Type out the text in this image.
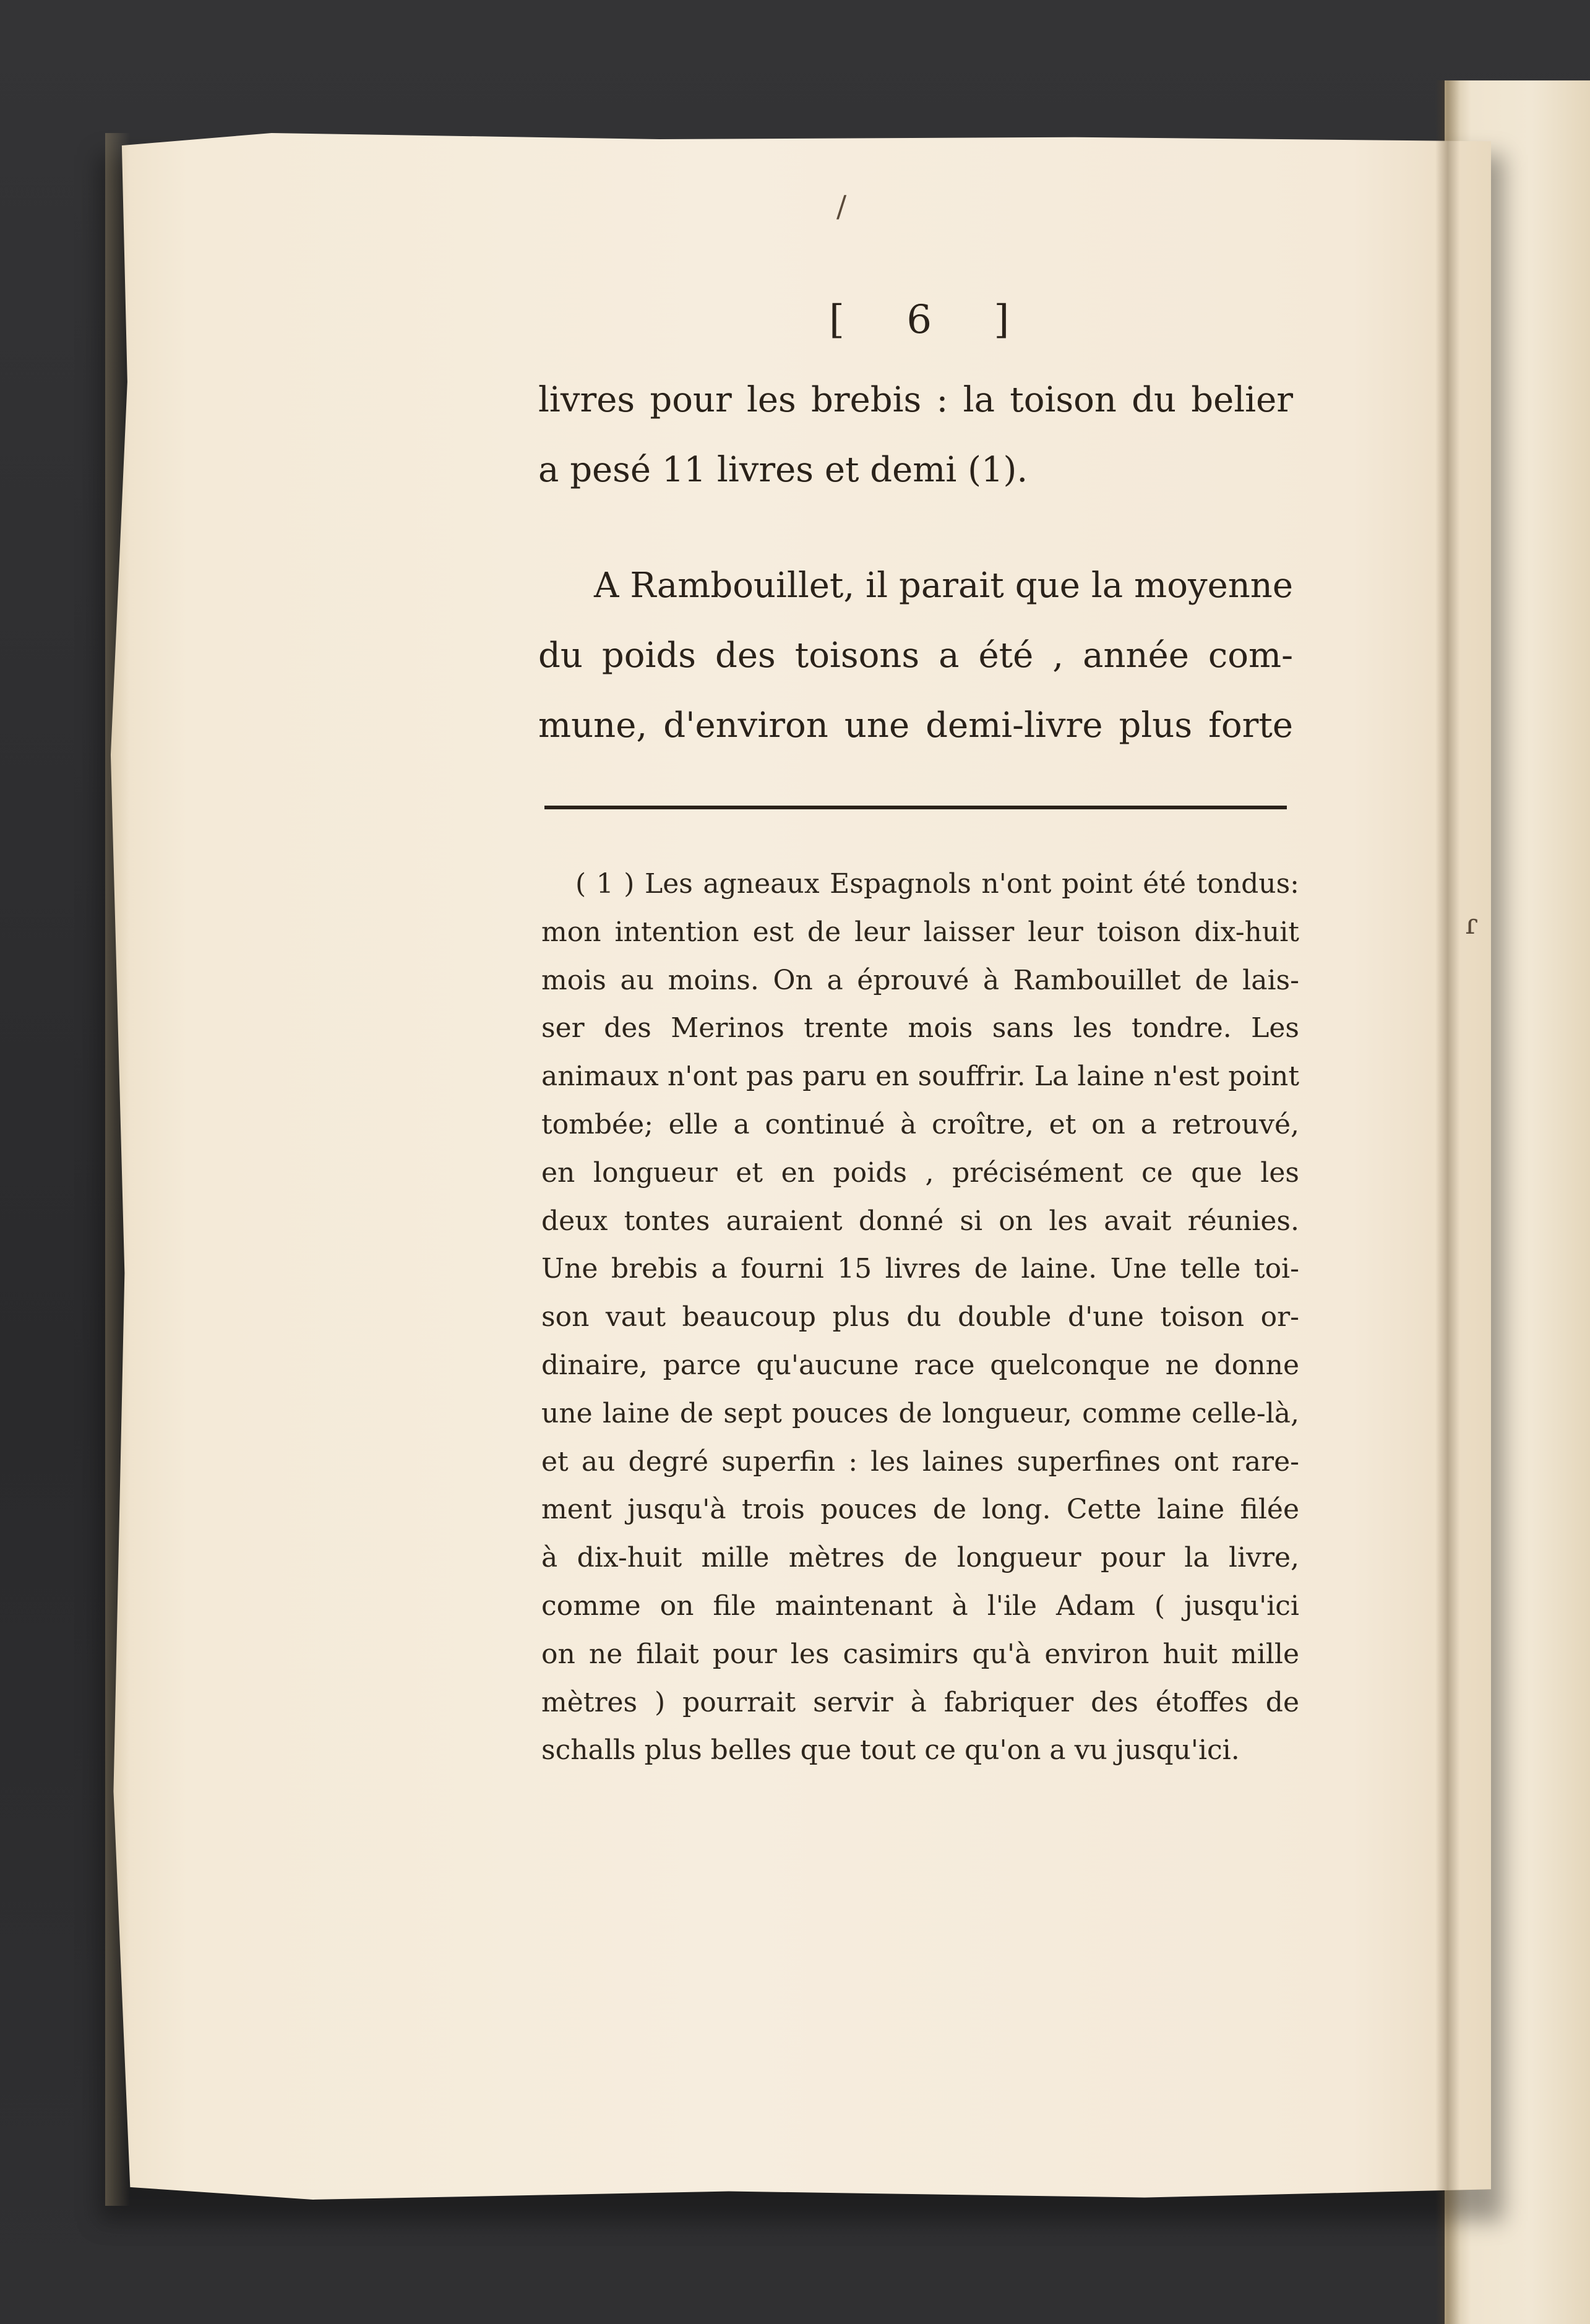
/
ɾ
[ 6 ]

livres pour les brebis : la toison du belier
a pesé 11 livres et demi (1).

A Rambouillet, il parait que la moyenne
du poids des toisons a été , année com-
mune, d'environ une demi-livre plus forte

( 1 ) Les agneaux Espagnols n'ont point été tondus:
mon intention est de leur laisser leur toison dix-huit
mois au moins. On a éprouvé à Rambouillet de lais-
ser des Merinos trente mois sans les tondre. Les
animaux n'ont pas paru en souffrir. La laine n'est point
tombée; elle a continué à croître, et on a retrouvé,
en longueur et en poids , précisément ce que les
deux tontes auraient donné si on les avait réunies.
Une brebis a fourni 15 livres de laine. Une telle toi-
son vaut beaucoup plus du double d'une toison or-
dinaire, parce qu'aucune race quelconque ne donne
une laine de sept pouces de longueur, comme celle-là,
et au degré superfin : les laines superfines ont rare-
ment jusqu'à trois pouces de long. Cette laine filée
à dix-huit mille mètres de longueur pour la livre,
comme on file maintenant à l'ile Adam ( jusqu'ici
on ne filait pour les casimirs qu'à environ huit mille
mètres ) pourrait servir à fabriquer des étoffes de
schalls plus belles que tout ce qu'on a vu jusqu'ici.
